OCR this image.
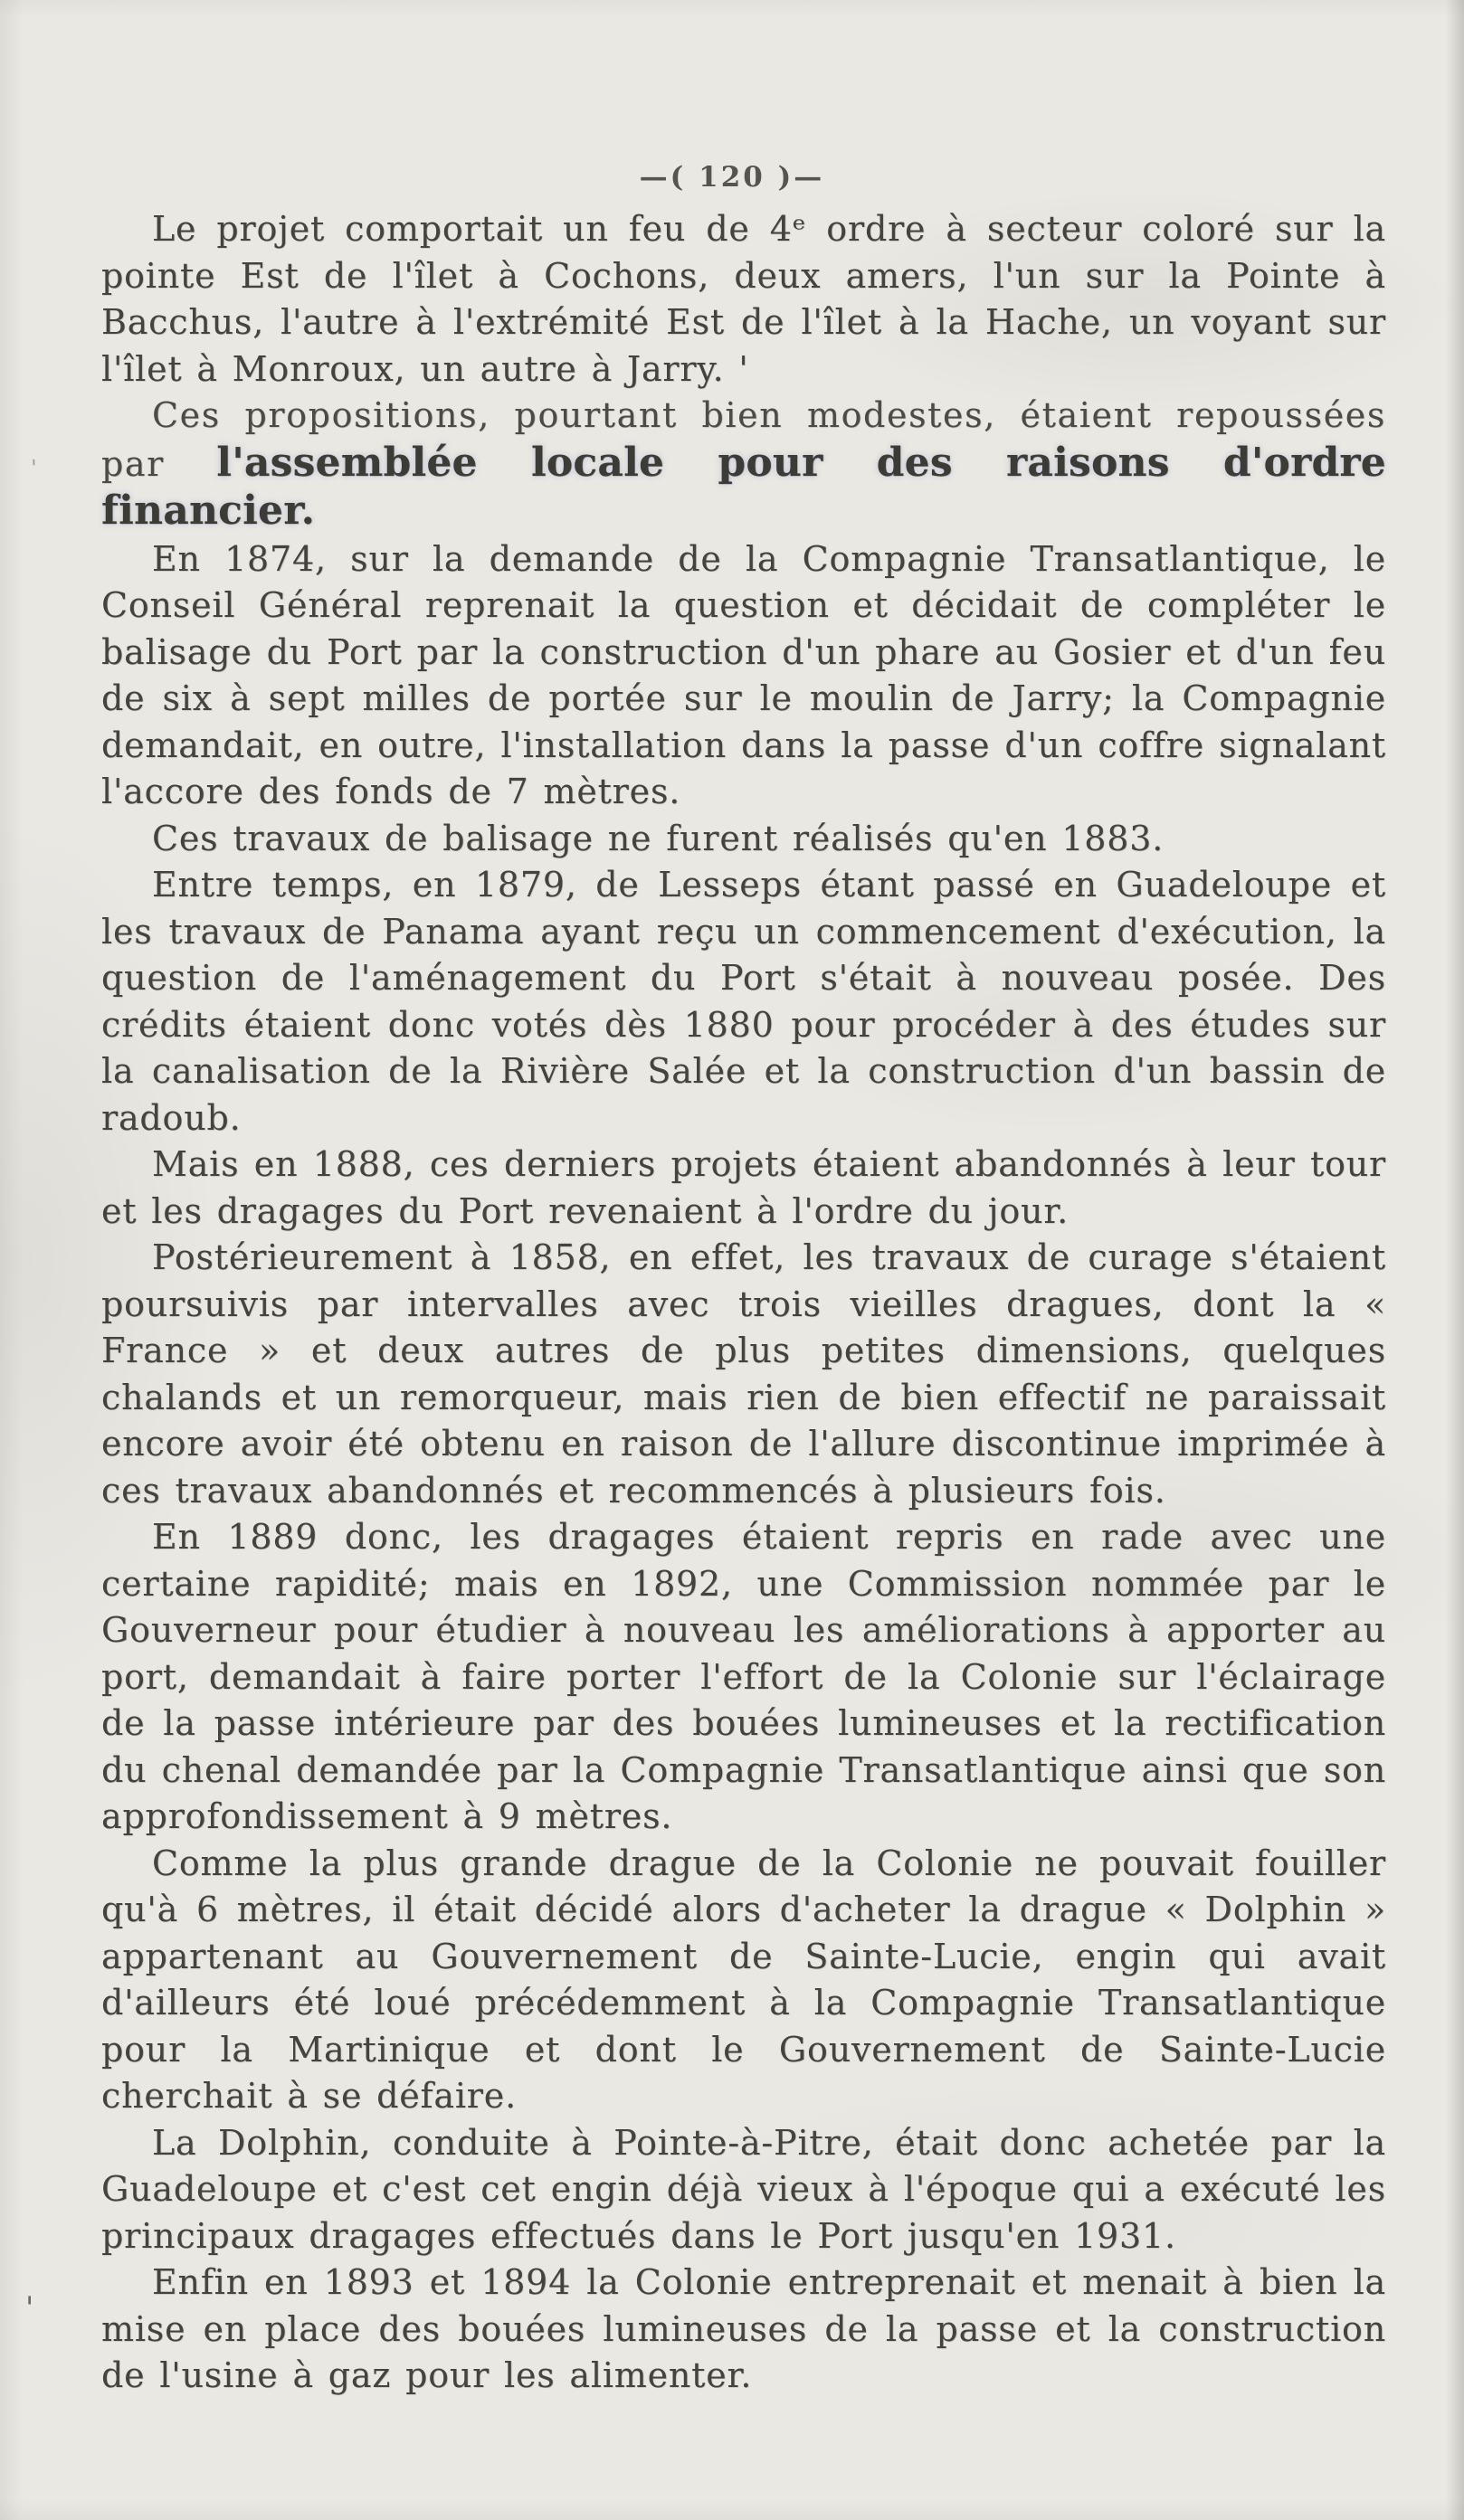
—( 120 )—

Le projet comportait un feu de 4ᵉ ordre à secteur coloré sur la pointe Est de l'îlet à Cochons, deux amers, l'un sur la Pointe à Bacchus, l'autre à l'extrémité Est de l'îlet à la Hache, un voyant sur l'îlet à Monroux, un autre à Jarry. '

Ces propositions, pourtant bien modestes, étaient repoussées par l'assemblée locale pour des raisons d'ordre financier.

En 1874, sur la demande de la Compagnie Transatlantique, le Conseil Général reprenait la question et décidait de compléter le balisage du Port par la construction d'un phare au Gosier et d'un feu de six à sept milles de portée sur le moulin de Jarry; la Compagnie demandait, en outre, l'installation dans la passe d'un coffre signalant l'accore des fonds de 7 mètres.

Ces travaux de balisage ne furent réalisés qu'en 1883.

Entre temps, en 1879, de Lesseps étant passé en Guadeloupe et les travaux de Panama ayant reçu un commencement d'exécution, la question de l'aménagement du Port s'était à nouveau posée. Des crédits étaient donc votés dès 1880 pour procéder à des études sur la canalisation de la Rivière Salée et la construction d'un bassin de radoub.

Mais en 1888, ces derniers projets étaient abandonnés à leur tour et les dragages du Port revenaient à l'ordre du jour.

Postérieurement à 1858, en effet, les travaux de curage s'étaient poursuivis par intervalles avec trois vieilles dragues, dont la « France » et deux autres de plus petites dimensions, quelques chalands et un remorqueur, mais rien de bien effectif ne paraissait encore avoir été obtenu en raison de l'allure discontinue imprimée à ces travaux abandonnés et recommencés à plusieurs fois.

En 1889 donc, les dragages étaient repris en rade avec une certaine rapidité; mais en 1892, une Commission nommée par le Gouverneur pour étudier à nouveau les améliorations à apporter au port, demandait à faire porter l'effort de la Colonie sur l'éclairage de la passe intérieure par des bouées lumineuses et la rectification du chenal demandée par la Compagnie Transatlantique ainsi que son approfondissement à 9 mètres.

Comme la plus grande drague de la Colonie ne pouvait fouiller qu'à 6 mètres, il était décidé alors d'acheter la drague « Dolphin » appartenant au Gouvernement de Sainte-Lucie, engin qui avait d'ailleurs été loué précédemment à la Compagnie Transatlantique pour la Martinique et dont le Gouvernement de Sainte-Lucie cherchait à se défaire.

La Dolphin, conduite à Pointe-à-Pitre, était donc achetée par la Guadeloupe et c'est cet engin déjà vieux à l'époque qui a exécuté les principaux dragages effectués dans le Port jusqu'en 1931.

Enfin en 1893 et 1894 la Colonie entreprenait et menait à bien la mise en place des bouées lumineuses de la passe et la construction de l'usine à gaz pour les alimenter.

'
-
